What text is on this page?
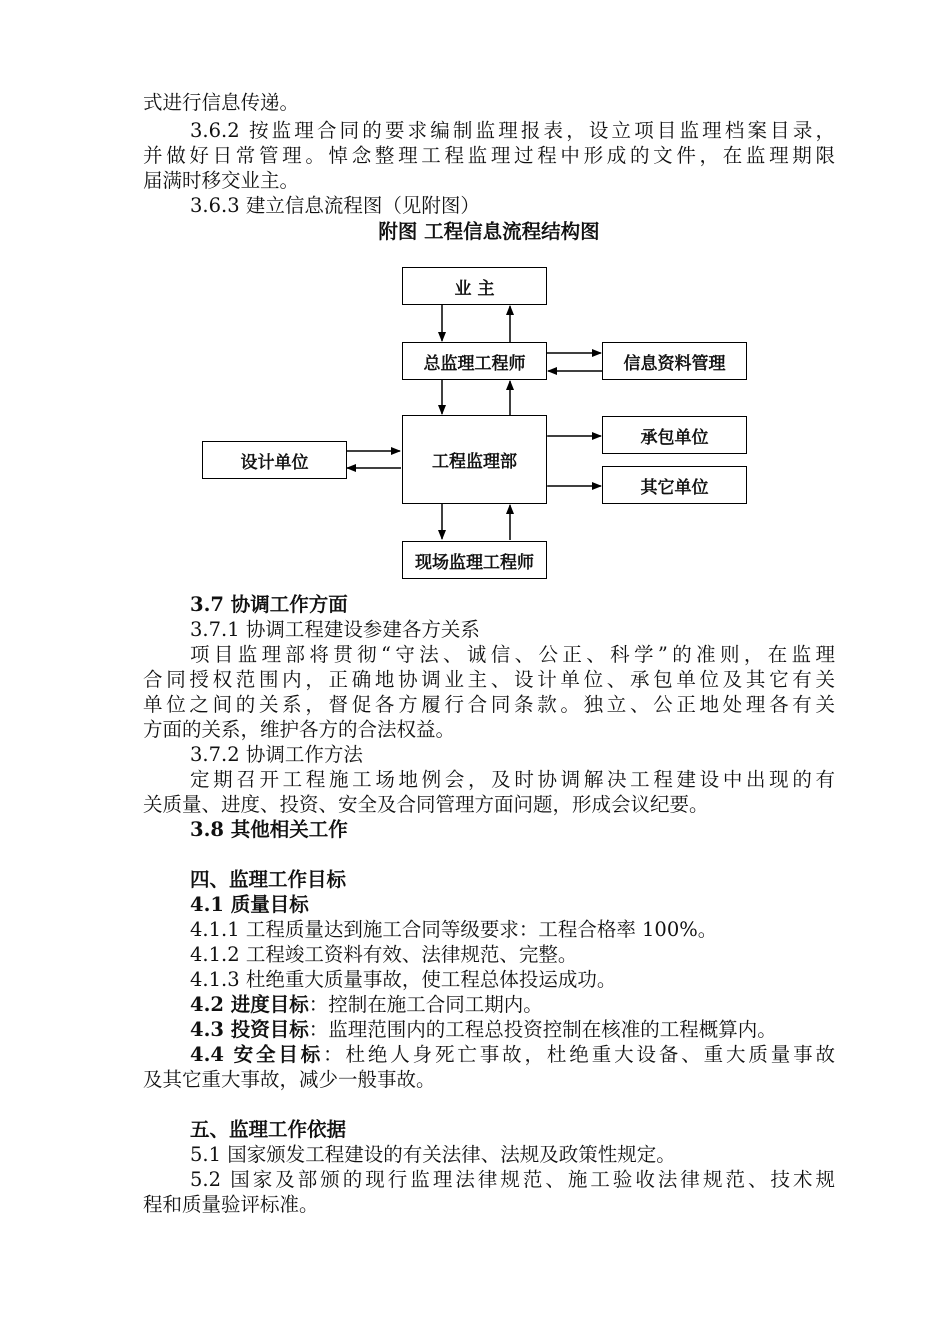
式进行信息传递。
3.6.2 按监理合同的要求编制监理报表，设立项目监理档案目录，
并做好日常管理。悼念整理工程监理过程中形成的文件，在监理期限
届满时移交业主。
3.6.3 建立信息流程图（见附图）
附图 工程信息流程结构图
业 主
总监理工程师	信息资料管理
设计单位	工程监理部
承包单位
其它单位
现场监理工程师
3.7 协调工作方面
3.7.1 协调工程建设参建各方关系
项目监理部将贯彻“守法、诚信、公正、科学”的准则，在监理
合同授权范围内，正确地协调业主、设计单位、承包单位及其它有关
单位之间的关系，督促各方履行合同条款。独立、公正地处理各有关
方面的关系，维护各方的合法权益。
3.7.2 协调工作方法
定期召开工程施工场地例会，及时协调解决工程建设中出现的有
关质量、进度、投资、安全及合同管理方面问题，形成会议纪要。
3.8 其他相关工作
四、监理工作目标
4.1 质量目标
4.1.1 工程质量达到施工合同等级要求：工程合格率 100%。
4.1.2 工程竣工资料有效、法律规范、完整。
4.1.3 杜绝重大质量事故，使工程总体投运成功。
4.2 进度目标：控制在施工合同工期内。
4.3 投资目标：监理范围内的工程总投资控制在核准的工程概算内。
4.4 安全目标：杜绝人身死亡事故，杜绝重大设备、重大质量事故
及其它重大事故，减少一般事故。
五、监理工作依据
5.1 国家颁发工程建设的有关法律、法规及政策性规定。
5.2 国家及部颁的现行监理法律规范、施工验收法律规范、技术规
程和质量验评标准。
